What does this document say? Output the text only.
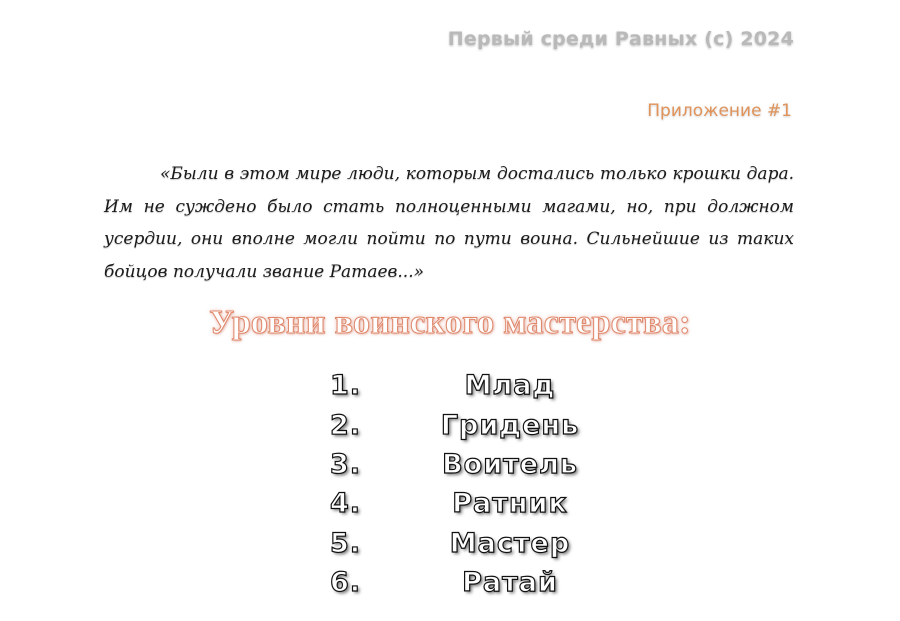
Первый среди Равных (с) 2024
Приложение #1

«Были в этом мире люди, которым достались только крошки дара. Им не суждено было стать полноценными магами, но, при должном усердии, они вполне могли пойти по пути воина. Сильнейшие из таких бойцов получали звание Ратаев...»

Уровни воинского мастерства:
1.	Млад
2.	Гридень
3.	Воитель
4.	Ратник
5.	Мастер
6.	Ратай
